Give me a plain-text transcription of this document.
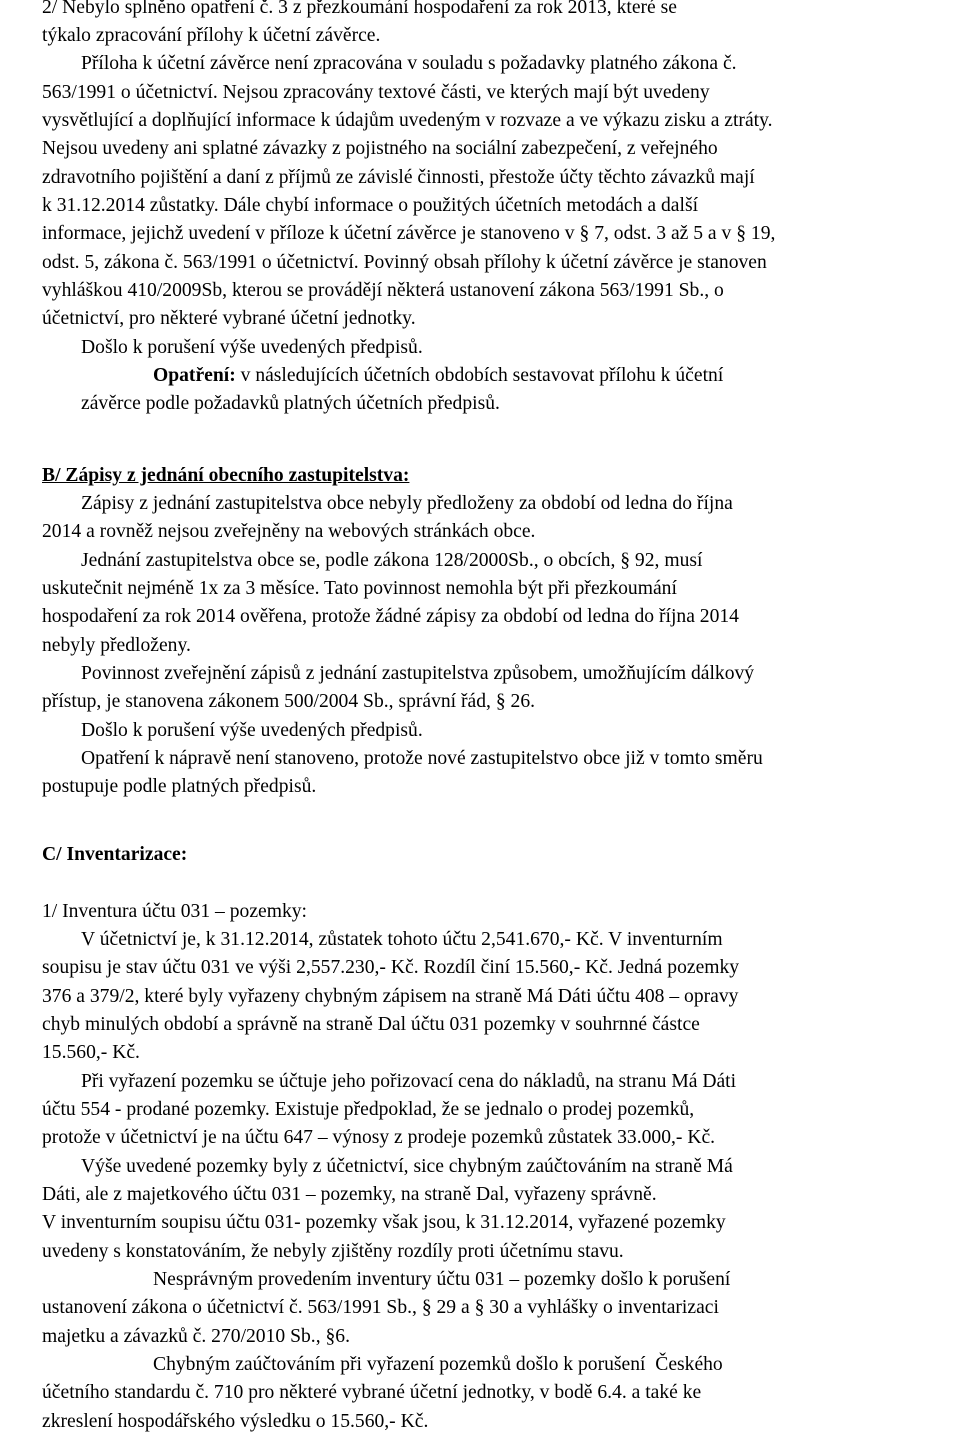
2/ Nebylo splněno opatření č. 3 z přezkoumání hospodaření za rok 2013, které se
týkalo zpracování přílohy k účetní závěrce.
Příloha k účetní závěrce není zpracována v souladu s požadavky platného zákona č.
563/1991 o účetnictví. Nejsou zpracovány textové části, ve kterých mají být uvedeny
vysvětlující a doplňující informace k údajům uvedeným v rozvaze a ve výkazu zisku a ztráty.
Nejsou uvedeny ani splatné závazky z pojistného na sociální zabezpečení, z veřejného
zdravotního pojištění a daní z příjmů ze závislé činnosti, přestože účty těchto závazků mají
k 31.12.2014 zůstatky. Dále chybí informace o použitých účetních metodách a další
informace, jejichž uvedení v příloze k účetní závěrce je stanoveno v § 7, odst. 3 až 5 a v § 19,
odst. 5, zákona č. 563/1991 o účetnictví. Povinný obsah přílohy k účetní závěrce je stanoven
vyhláškou 410/2009Sb, kterou se provádějí některá ustanovení zákona 563/1991 Sb., o
účetnictví, pro některé vybrané účetní jednotky.
Došlo k porušení výše uvedených předpisů.
Opatření: v následujících účetních obdobích sestavovat přílohu k účetní
závěrce podle požadavků platných účetních předpisů.
B/ Zápisy z jednání obecního zastupitelstva:
Zápisy z jednání zastupitelstva obce nebyly předloženy za období od ledna do října
2014 a rovněž nejsou zveřejněny na webových stránkách obce.
Jednání zastupitelstva obce se, podle zákona 128/2000Sb., o obcích, § 92, musí
uskutečnit nejméně 1x za 3 měsíce. Tato povinnost nemohla být při přezkoumání
hospodaření za rok 2014 ověřena, protože žádné zápisy za období od ledna do října 2014
nebyly předloženy.
Povinnost zveřejnění zápisů z jednání zastupitelstva způsobem, umožňujícím dálkový
přístup, je stanovena zákonem 500/2004 Sb., správní řád, § 26.
Došlo k porušení výše uvedených předpisů.
Opatření k nápravě není stanoveno, protože nové zastupitelstvo obce již v tomto směru
postupuje podle platných předpisů.
C/ Inventarizace:
1/ Inventura účtu 031 – pozemky:
V účetnictví je, k 31.12.2014, zůstatek tohoto účtu 2,541.670,- Kč. V inventurním
soupisu je stav účtu 031 ve výši 2,557.230,- Kč. Rozdíl činí 15.560,- Kč. Jedná pozemky
376 a 379/2, které byly vyřazeny chybným zápisem na straně Má Dáti účtu 408 – opravy
chyb minulých období a správně na straně Dal účtu 031 pozemky v souhrnné částce
15.560,- Kč.
Při vyřazení pozemku se účtuje jeho pořizovací cena do nákladů, na stranu Má Dáti
účtu 554 - prodané pozemky. Existuje předpoklad, že se jednalo o prodej pozemků,
protože v účetnictví je na účtu 647 – výnosy z prodeje pozemků zůstatek 33.000,- Kč.
Výše uvedené pozemky byly z účetnictví, sice chybným zaúčtováním na straně Má
Dáti, ale z majetkového účtu 031 – pozemky, na straně Dal, vyřazeny správně.
V inventurním soupisu účtu 031- pozemky však jsou, k 31.12.2014, vyřazené pozemky
uvedeny s konstatováním, že nebyly zjištěny rozdíly proti účetnímu stavu.
Nesprávným provedením inventury účtu 031 – pozemky došlo k porušení
ustanovení zákona o účetnictví č. 563/1991 Sb., § 29 a § 30 a vyhlášky o inventarizaci
majetku a závazků č. 270/2010 Sb., §6.
Chybným zaúčtováním při vyřazení pozemků došlo k porušení  Českého
účetního standardu č. 710 pro některé vybrané účetní jednotky, v bodě 6.4. a také ke
zkreslení hospodářského výsledku o 15.560,- Kč.
